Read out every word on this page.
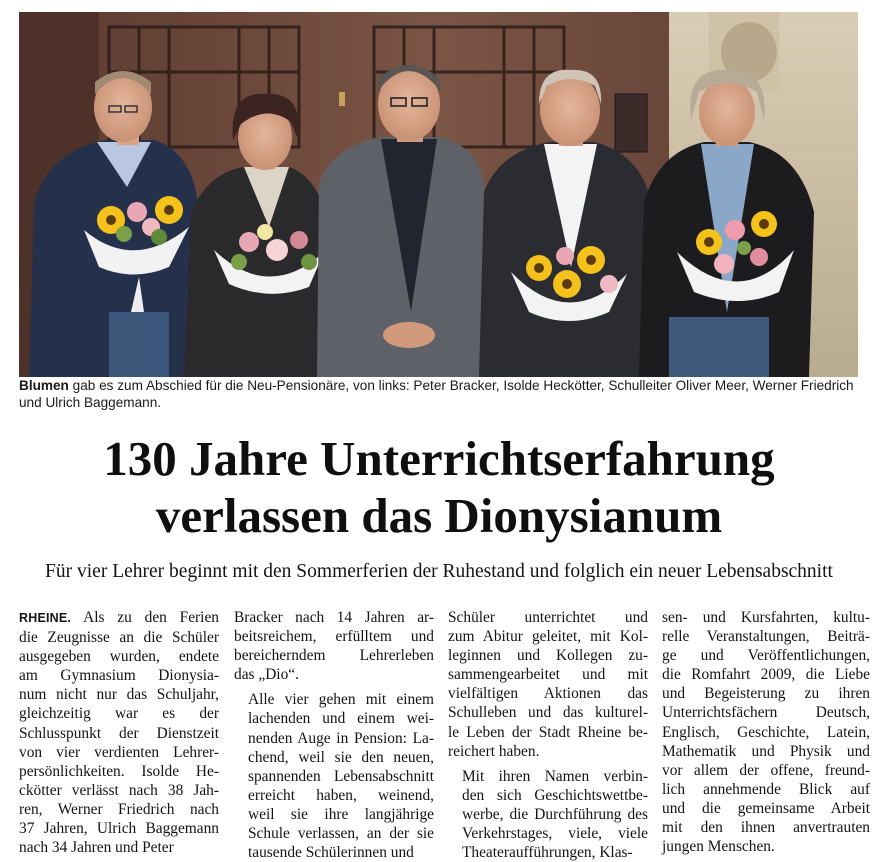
Blumen gab es zum Abschied für die Neu-Pensionäre, von links: Peter Bracker, Isolde Heckötter, Schulleiter Oliver Meer, Werner Friedrich und Ulrich Baggemann.
130 Jahre Unterrichtserfahrung
verlassen das Dionysianum
Für vier Lehrer beginnt mit den Sommerferien der Ruhestand und folglich ein neuer Lebensabschnitt

RHEINE. Als zu den Ferien
die Zeugnisse an die Schüler
ausgegeben wurden, endete
am Gymnasium Dionysia-
num nicht nur das Schuljahr,
gleichzeitig war es der
Schlusspunkt der Dienstzeit
von vier verdienten Lehrer-
persönlichkeiten. Isolde He-
ckötter verlässt nach 38 Jah-
ren, Werner Friedrich nach
37 Jahren, Ulrich Baggemann
nach 34 Jahren und Peter

Bracker nach 14 Jahren ar-
beitsreichem, erfülltem und
bereicherndem Lehrerleben
das „Dio“.

Alle vier gehen mit einem
lachenden und einem wei-
nenden Auge in Pension: La-
chend, weil sie den neuen,
spannenden Lebensabschnitt
erreicht haben, weinend,
weil sie ihre langjährige
Schule verlassen, an der sie
tausende Schülerinnen und

Schüler unterrichtet und
zum Abitur geleitet, mit Kol-
leginnen und Kollegen zu-
sammengearbeitet und mit
vielfältigen Aktionen das
Schulleben und das kulturel-
le Leben der Stadt Rheine be-
reichert haben.

Mit ihren Namen verbin-
den sich Geschichtswettbe-
werbe, die Durchführung des
Verkehrstages, viele, viele
Theateraufführungen, Klas-

sen- und Kursfahrten, kultu-
relle Veranstaltungen, Beiträ-
ge und Veröffentlichungen,
die Romfahrt 2009, die Liebe
und Begeisterung zu ihren
Unterrichtsfächern Deutsch,
Englisch, Geschichte, Latein,
Mathematik und Physik und
vor allem der offene, freund-
lich annehmende Blick auf
und die gemeinsame Arbeit
mit den ihnen anvertrauten
jungen Menschen.
